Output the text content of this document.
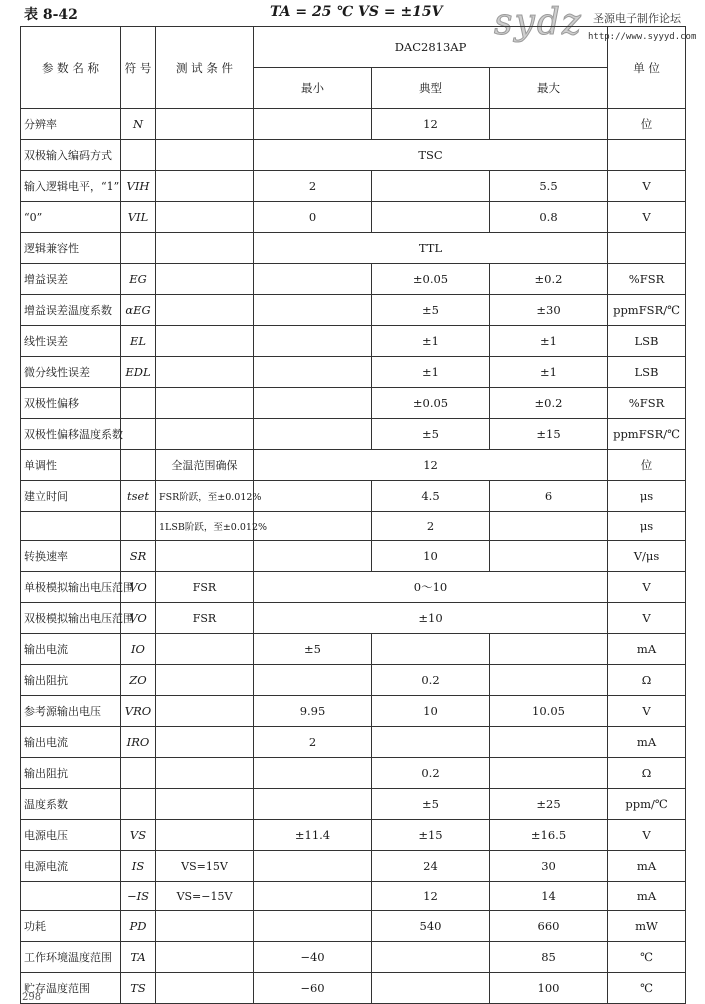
表 8-42	TA = 25 ℃ VS = ±15V sydz 圣源电子制作论坛
http://www.syyyd.com
参 数 名 称	符 号	测 试 条 件	DAC2813AP			单 位
			最小	典型	最大	
分辨率	N			12		位
双极输入编码方式			TSC			
输入逻辑电平，“1”	VIH		2		5.5	V
“0”	VIL		0		0.8	V
逻辑兼容性			TTL			
增益误差	EG			±0.05	±0.2	%FSR
增益误差温度系数	αEG			±5	±30	ppmFSR/℃
线性误差	EL			±1	±1	LSB
微分线性误差	EDL			±1	±1	LSB
双极性偏移				±0.05	±0.2	%FSR
双极性偏移温度系数				±5	±15	ppmFSR/℃
单调性		全温范围确保	12			位
建立时间	tset	FSR阶跃，至±0.012%		4.5	6	μs
		1LSB阶跃，至±0.012%		2		μs
转换速率	SR			10		V/μs
单极模拟输出电压范围	VO	FSR	0～10			V
双极模拟输出电压范围	VO	FSR	±10			V
输出电流	IO		±5			mA
输出阻抗	ZO			0.2		Ω
参考源输出电压	VRO		9.95	10	10.05	V
输出电流	IRO		2			mA
输出阻抗				0.2		Ω
温度系数				±5	±25	ppm/℃
电源电压	VS		±11.4	±15	±16.5	V
电源电流	IS	VS=15V		24	30	mA
	−IS	VS=−15V		12	14	mA
功耗	PD			540	660	mW
工作环境温度范围	TA		−40		85	℃
贮存温度范围	TS		−60		100	℃
298
